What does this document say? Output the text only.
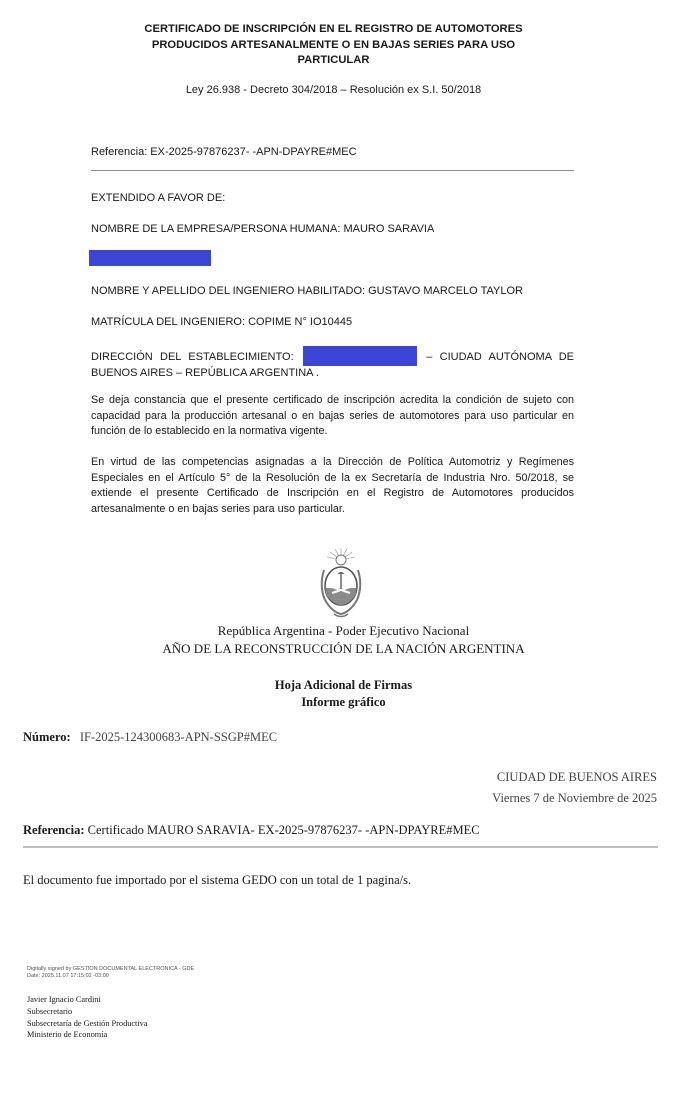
CERTIFICADO DE INSCRIPCIÓN EN EL REGISTRO DE AUTOMOTORES
PRODUCIDOS ARTESANALMENTE O EN BAJAS SERIES PARA USO
PARTICULAR
Ley 26.938 - Decreto 304/2018 – Resolución ex S.I. 50/2018
Referencia: EX-2025-97876237- -APN-DPAYRE#MEC
EXTENDIDO A FAVOR DE:
NOMBRE DE LA EMPRESA/PERSONA HUMANA: MAURO SARAVIA
NOMBRE Y APELLIDO DEL INGENIERO HABILITADO: GUSTAVO MARCELO TAYLOR
MATRÍCULA DEL INGENIERO: COPIME N° IO10445
DIRECCIÓN DEL ESTABLECIMIENTO:	– CIUDAD AUTÓNOMA DE BUENOS AIRES – REPÚBLICA ARGENTINA .
Se deja constancia que el presente certificado de inscripción acredita la condición de sujeto con capacidad para la producción artesanal o en bajas series de automotores para uso particular en función de lo establecido en la normativa vigente.
En virtud de las competencias asignadas a la Dirección de Política Automotriz y Regímenes Especiales en el Artículo 5° de la Resolución de la ex Secretaría de Industria Nro. 50/2018, se extiende el presente Certificado de Inscripción en el Registro de Automotores producidos artesanalmente o en bajas series para uso particular.
República Argentina - Poder Ejecutivo Nacional
AÑO DE LA RECONSTRUCCIÓN DE LA NACIÓN ARGENTINA
Hoja Adicional de Firmas
Informe gráfico
Número: IF-2025-124300683-APN-SSGP#MEC
CIUDAD DE BUENOS AIRES
Viernes 7 de Noviembre de 2025
Referencia: Certificado MAURO SARAVIA- EX-2025-97876237- -APN-DPAYRE#MEC
El documento fue importado por el sistema GEDO con un total de 1 pagina/s.
Digitally signed by GESTION DOCUMENTAL ELECTRONICA - GDE
Date: 2025.11.07 17:15:02 -03:00
Javier Ignacio Cardini
Subsecretario
Subsecretaría de Gestión Productiva
Ministerio de Economía
